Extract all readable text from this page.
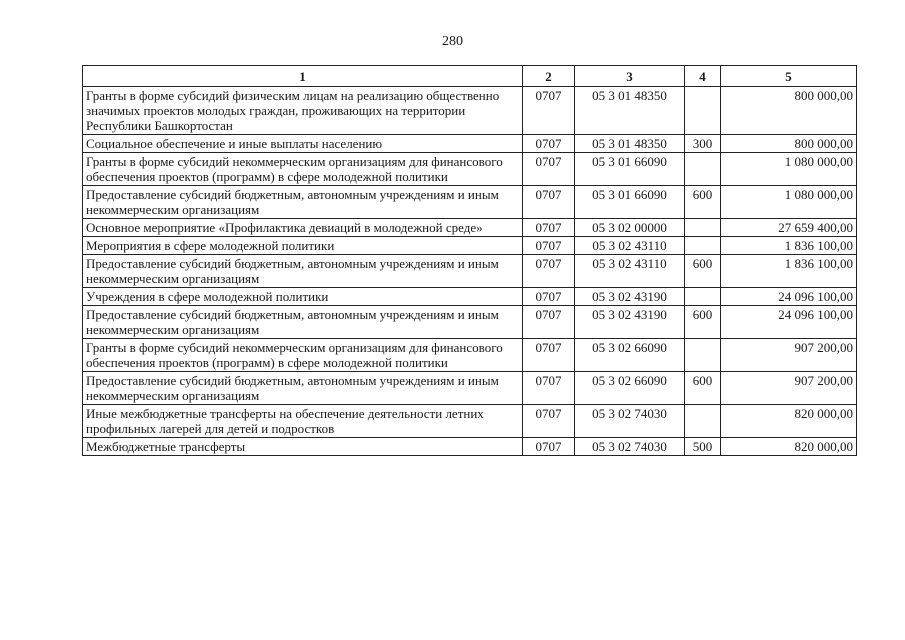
280
1	2	3	4	5
Гранты в форме субсидий физическим лицам на реализацию общественно значимых проектов молодых граждан, проживающих на территории Республики Башкортостан	0707	05 3 01 48350		800 000,00
Социальное обеспечение и иные выплаты населению	0707	05 3 01 48350	300	800 000,00
Гранты в форме субсидий некоммерческим организациям для финансового обеспечения проектов (программ) в сфере молодежной политики	0707	05 3 01 66090		1 080 000,00
Предоставление субсидий бюджетным, автономным учреждениям и иным некоммерческим организациям	0707	05 3 01 66090	600	1 080 000,00
Основное мероприятие «Профилактика девиаций в молодежной среде»	0707	05 3 02 00000		27 659 400,00
Мероприятия в сфере молодежной политики	0707	05 3 02 43110		1 836 100,00
Предоставление субсидий бюджетным, автономным учреждениям и иным некоммерческим организациям	0707	05 3 02 43110	600	1 836 100,00
Учреждения в сфере молодежной политики	0707	05 3 02 43190		24 096 100,00
Предоставление субсидий бюджетным, автономным учреждениям и иным некоммерческим организациям	0707	05 3 02 43190	600	24 096 100,00
Гранты в форме субсидий некоммерческим организациям для финансового обеспечения проектов (программ) в сфере молодежной политики	0707	05 3 02 66090		907 200,00
Предоставление субсидий бюджетным, автономным учреждениям и иным некоммерческим организациям	0707	05 3 02 66090	600	907 200,00
Иные межбюджетные трансферты на обеспечение деятельности летних профильных лагерей для детей и подростков	0707	05 3 02 74030		820 000,00
Межбюджетные трансферты	0707	05 3 02 74030	500	820 000,00
